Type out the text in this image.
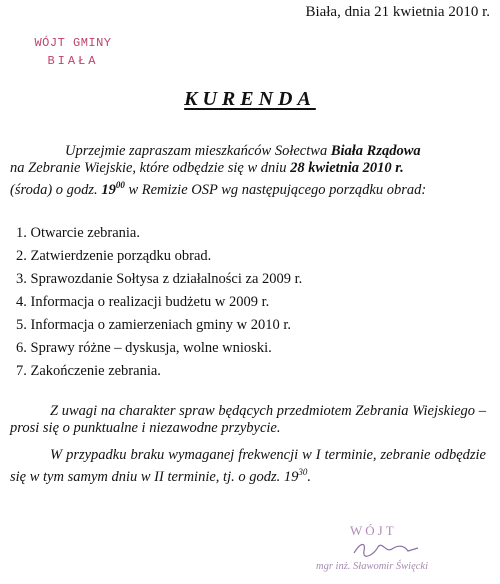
Biała, dnia 21 kwietnia 2010 r.
WÓJT GMINY
BIAŁA
KURENDA

Uprzejmie zapraszam mieszkańców Sołectwa Biała Rządowa

na Zebranie Wiejskie, które odbędzie się w dniu 28 kwietnia 2010 r.

(środa) o godz. $19^{00}$ w Remizie OSP wg następującego porządku obrad:

1. Otwarcie zebrania.
2. Zatwierdzenie porządku obrad.
3. Sprawozdanie Sołtysa z działalności za 2009 r.
4. Informacja o realizacji budżetu w 2009 r.
5. Informacja o zamierzeniach gminy w 2010 r.
6. Sprawy różne – dyskusja, wolne wnioski.
7. Zakończenie zebrania.

Z uwagi na charakter spraw będących przedmiotem Zebrania Wiejskiego – prosi się o punktualne i niezawodne przybycie.

W przypadku braku wymaganej frekwencji w I terminie, zebranie odbędzie się w tym samym dniu w II terminie, tj. o godz. $19^{30}$.

WÓJT
mgr inż. Sławomir Święcki
